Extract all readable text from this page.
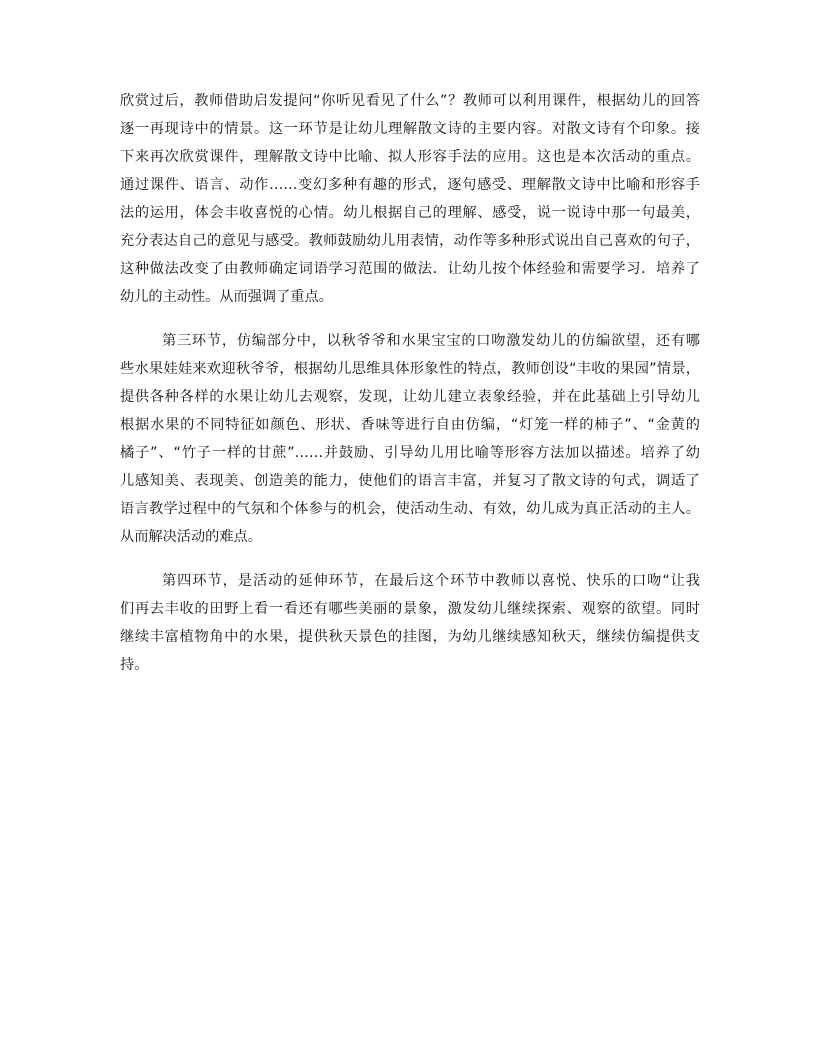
欣赏过后，教师借助启发提问“你听见看见了什么”？教师可以利用课件，根据幼儿的回答
逐一再现诗中的情景。这一环节是让幼儿理解散文诗的主要内容。对散文诗有个印象。接
下来再次欣赏课件，理解散文诗中比喻、拟人形容手法的应用。这也是本次活动的重点。
通过课件、语言、动作……变幻多种有趣的形式，逐句感受、理解散文诗中比喻和形容手
法的运用，体会丰收喜悦的心情。幼儿根据自己的理解、感受，说一说诗中那一句最美，
充分表达自己的意见与感受。教师鼓励幼儿用表情，动作等多种形式说出自己喜欢的句子，
这种做法改变了由教师确定词语学习范围的做法．让幼儿按个体经验和需要学习．培养了
幼儿的主动性。从而强调了重点。
第三环节，仿编部分中，以秋爷爷和水果宝宝的口吻激发幼儿的仿编欲望，还有哪
些水果娃娃来欢迎秋爷爷，根据幼儿思维具体形象性的特点，教师创设“丰收的果园”情景，
提供各种各样的水果让幼儿去观察，发现，让幼儿建立表象经验，并在此基础上引导幼儿
根据水果的不同特征如颜色、形状、香味等进行自由仿编，“灯笼一样的柿子”、“金黄的
橘子”、“竹子一样的甘蔗”……并鼓励、引导幼儿用比喻等形容方法加以描述。培养了幼
儿感知美、表现美、创造美的能力，使他们的语言丰富，并复习了散文诗的句式，调适了
语言教学过程中的气氛和个体参与的机会，使活动生动、有效，幼儿成为真正活动的主人。
从而解决活动的难点。
第四环节，是活动的延伸环节，在最后这个环节中教师以喜悦、快乐的口吻“让我
们再去丰收的田野上看一看还有哪些美丽的景象，激发幼儿继续探索、观察的欲望。同时
继续丰富植物角中的水果，提供秋天景色的挂图，为幼儿继续感知秋天，继续仿编提供支
持。
